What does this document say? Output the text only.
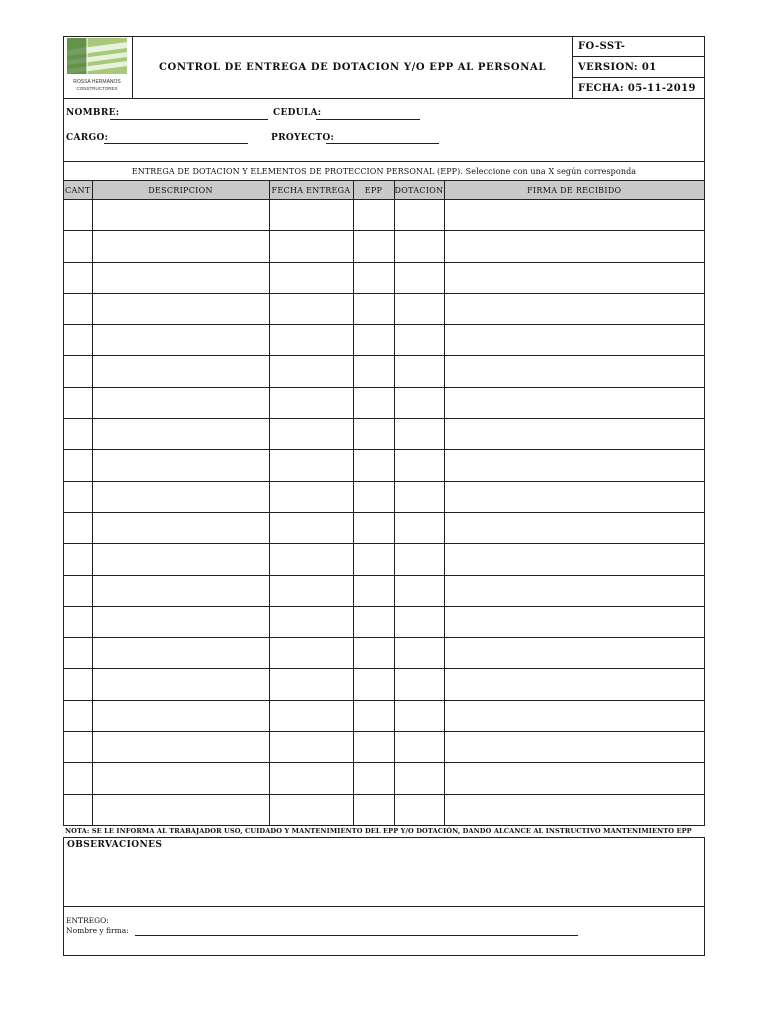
ROSSA HERMANOS
CONSTRUCTORES
CONTROL DE ENTREGA DE DOTACION Y/O EPP AL PERSONAL
FO-SST-
VERSION: 01
FECHA: 05-11-2019
NOMBRE:	CEDULA:
CARGO:	PROYECTO:
ENTREGA DE DOTACION Y ELEMENTOS DE PROTECCION PERSONAL (EPP). Seleccione con una X según corresponda
CANT	DESCRIPCION	FECHA ENTREGA	EPP	DOTACION	FIRMA DE RECIBIDO

NOTA: SE LE INFORMA AL TRABAJADOR USO, CUIDADO Y MANTENIMIENTO DEL EPP Y/O DOTACIÓN, DANDO ALCANCE AL INSTRUCTIVO MANTENIMIENTO EPP
OBSERVACIONES
ENTREGO:
Nombre y firma:
